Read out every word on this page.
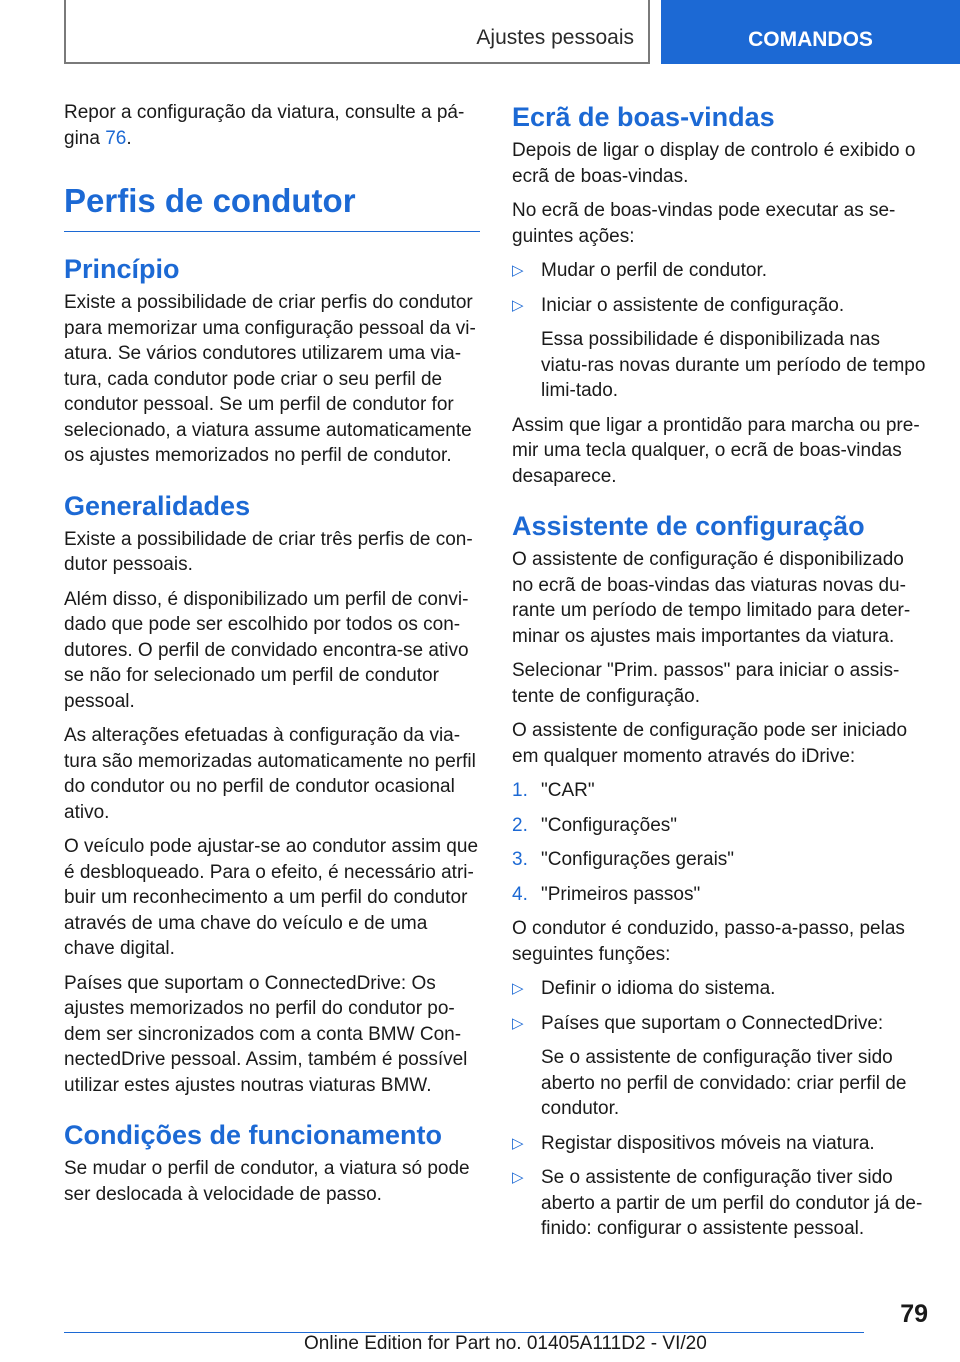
Ajustes pessoais	COMANDOS

Repor a configuração da viatura, consulte a pá-gina 76.

Perfis de condutor
Princípio

Existe a possibilidade de criar perfis do condutor para memorizar uma configuração pessoal da vi-atura. Se vários condutores utilizarem uma via-tura, cada condutor pode criar o seu perfil de condutor pessoal. Se um perfil de condutor for selecionado, a viatura assume automaticamente os ajustes memorizados no perfil de condutor.

Generalidades

Existe a possibilidade de criar três perfis de con-dutor pessoais.

Além disso, é disponibilizado um perfil de convi-dado que pode ser escolhido por todos os con-dutores. O perfil de convidado encontra-se ativo se não for selecionado um perfil de condutor pessoal.

As alterações efetuadas à configuração da via-tura são memorizadas automaticamente no perfil do condutor ou no perfil de condutor ocasional ativo.

O veículo pode ajustar-se ao condutor assim que é desbloqueado. Para o efeito, é necessário atri-buir um reconhecimento a um perfil do condutor através de uma chave do veículo e de uma chave digital.

Países que suportam o ConnectedDrive: Os ajustes memorizados no perfil do condutor po-dem ser sincronizados com a conta BMW Con-nectedDrive pessoal. Assim, também é possível utilizar estes ajustes noutras viaturas BMW.

Condições de funcionamento

Se mudar o perfil de condutor, a viatura só pode ser deslocada à velocidade de passo.

Ecrã de boas-vindas

Depois de ligar o display de controlo é exibido o ecrã de boas-vindas.

No ecrã de boas-vindas pode executar as se-guintes ações:

▷ Mudar o perfil de condutor.
▷ Iniciar o assistente de configuração.

Essa possibilidade é disponibilizada nas viatu-ras novas durante um período de tempo limi-tado.

Assim que ligar a prontidão para marcha ou pre-mir uma tecla qualquer, o ecrã de boas-vindas desaparece.

Assistente de configuração

O assistente de configuração é disponibilizado no ecrã de boas-vindas das viaturas novas du-rante um período de tempo limitado para deter-minar os ajustes mais importantes da viatura.

Selecionar "Prim. passos" para iniciar o assis-tente de configuração.

O assistente de configuração pode ser iniciado em qualquer momento através do iDrive:

1. "CAR"
2. "Configurações"
3. "Configurações gerais"
4. "Primeiros passos"

O condutor é conduzido, passo-a-passo, pelas seguintes funções:

▷ Definir o idioma do sistema.
▷ Países que suportam o ConnectedDrive:

Se o assistente de configuração tiver sido aberto no perfil de convidado: criar perfil de condutor.

▷ Registar dispositivos móveis na viatura.
▷ Se o assistente de configuração tiver sido aberto a partir de um perfil do condutor já de-finido: configurar o assistente pessoal.
79
Online Edition for Part no. 01405A111D2 - VI/20
